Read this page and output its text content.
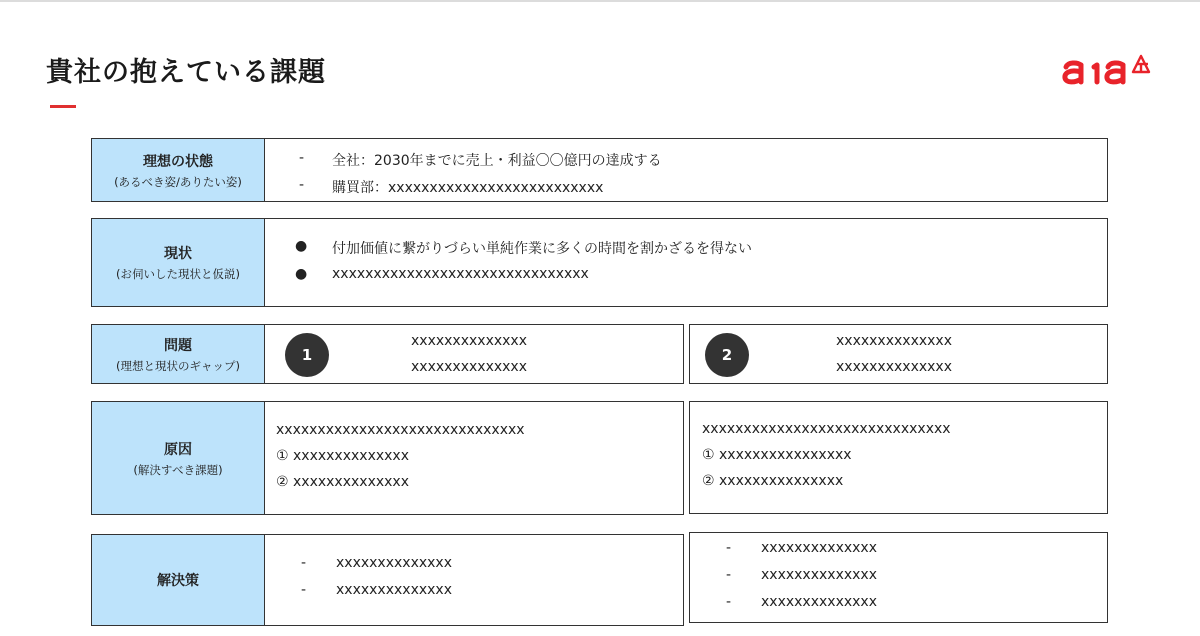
貴社の抱えている課題
理想の状態
(あるべき姿/ありたい姿)
- 全社：2030年までに売上・利益〇〇億円の達成する
- 購買部：xxxxxxxxxxxxxxxxxxxxxxxxxx
現状
(お伺いした現状と仮説)
● 付加価値に繋がりづらい単純作業に多くの時間を割かざるを得ない
● xxxxxxxxxxxxxxxxxxxxxxxxxxxxxxx
問題
(理想と現状のギャップ)
1
xxxxxxxxxxxxxx
xxxxxxxxxxxxxx
2
xxxxxxxxxxxxxx
xxxxxxxxxxxxxx
原因
(解決すべき課題)
xxxxxxxxxxxxxxxxxxxxxxxxxxxxxx
① xxxxxxxxxxxxxx
② xxxxxxxxxxxxxx
xxxxxxxxxxxxxxxxxxxxxxxxxxxxxx
① xxxxxxxxxxxxxxxx
② xxxxxxxxxxxxxxx
解決策
- xxxxxxxxxxxxxx
- xxxxxxxxxxxxxx
- xxxxxxxxxxxxxx
- xxxxxxxxxxxxxx
- xxxxxxxxxxxxxx
